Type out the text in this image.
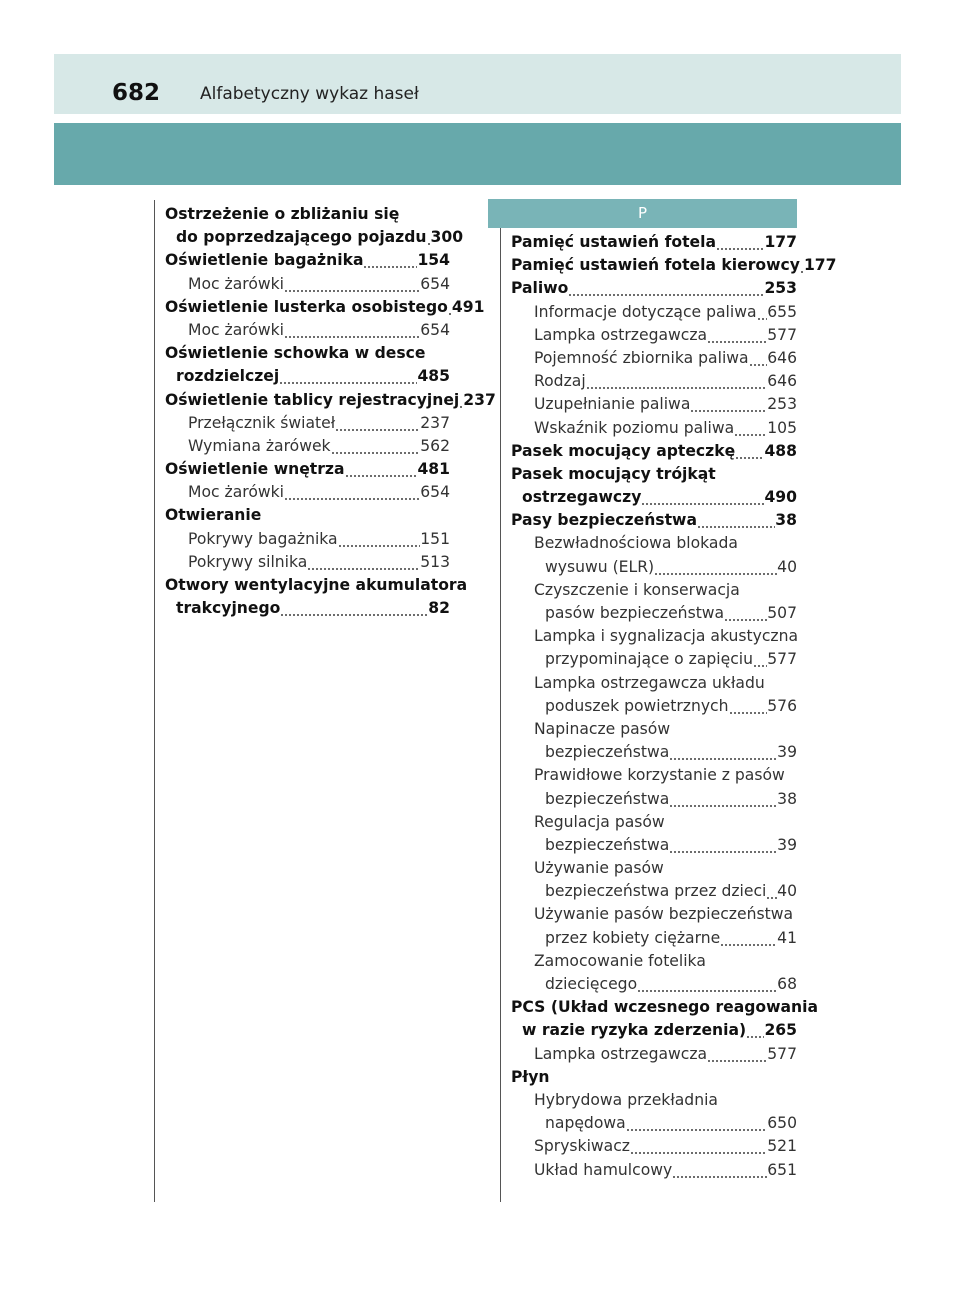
682 Alfabetyczny wykaz haseł
P
Ostrzeżenie o zbliżaniu się
do poprzedzającego pojazdu 300
Oświetlenie bagażnika	154
Moc żarówki	654
Oświetlenie lusterka osobistego 491
Moc żarówki	654
Oświetlenie schowka w desce
rozdzielczej	485
Oświetlenie tablicy rejestracyjnej 237
Przełącznik świateł	237
Wymiana żarówek	562
Oświetlenie wnętrza	481
Moc żarówki	654
Otwieranie
Pokrywy bagażnika	151
Pokrywy silnika	513
Otwory wentylacyjne akumulatora
trakcyjnego	82
Pamięć ustawień fotela	177
Pamięć ustawień fotela kierowcy 177
Paliwo	253
Informacje dotyczące paliwa 655
Lampka ostrzegawcza	577
Pojemność zbiornika paliwa 646
Rodzaj	646
Uzupełnianie paliwa	253
Wskaźnik poziomu paliwa 105
Pasek mocujący apteczkę 488
Pasek mocujący trójkąt
ostrzegawczy	490
Pasy bezpieczeństwa	38
Bezwładnościowa blokada
wysuwu (ELR)	40
Czyszczenie i konserwacja
pasów bezpieczeństwa	507
Lampka i sygnalizacja akustyczna
przypominające o zapięciu 577
Lampka ostrzegawcza układu
poduszek powietrznych 576
Napinacze pasów
bezpieczeństwa	39
Prawidłowe korzystanie z pasów
bezpieczeństwa	38
Regulacja pasów
bezpieczeństwa	39
Używanie pasów
bezpieczeństwa przez dzieci 40
Używanie pasów bezpieczeństwa
przez kobiety ciężarne	41
Zamocowanie fotelika
dziecięcego	68
PCS (Układ wczesnego reagowania
w razie ryzyka zderzenia) 265
Lampka ostrzegawcza	577
Płyn
Hybrydowa przekładnia
napędowa	650
Spryskiwacz	521
Układ hamulcowy	651
